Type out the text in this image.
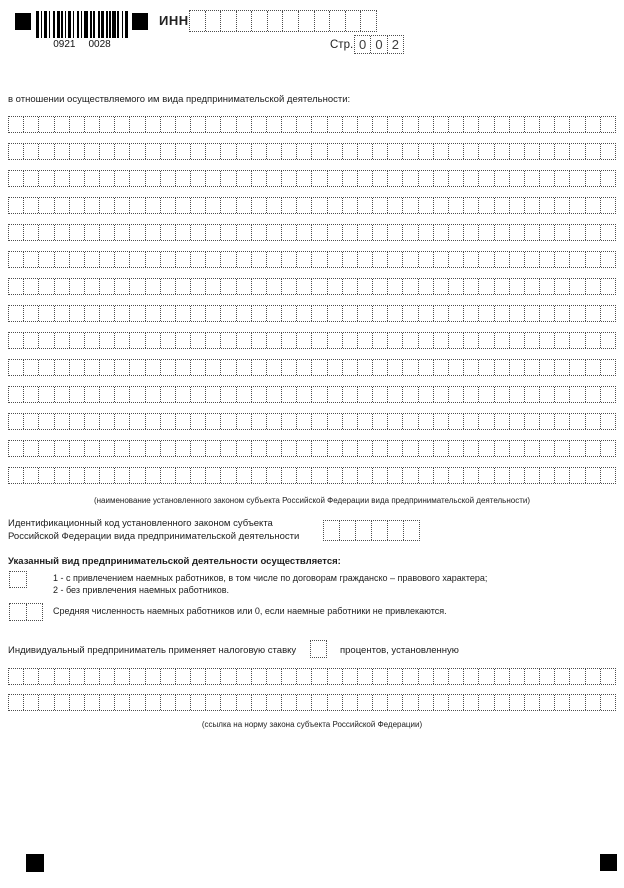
0921 0028
ИНН
Стр. 0 0 2
в отношении осуществляемого им вида предпринимательской деятельности:
(наименование установленного законом субъекта Российской Федерации вида предпринимательской деятельности)
Идентификационный код установленного законом субъекта
Российской Федерации вида предпринимательской деятельности
Указанный вид предпринимательской деятельности осуществляется:
1 - с привлечением наемных работников, в том числе по договорам гражданско – правового характера;
2 - без привлечения наемных работников.
Средняя численность наемных работников или 0, если наемные работники не привлекаются.
Индивидуальный предприниматель применяет налоговую ставку	процентов, установленную
(ссылка на норму закона субъекта Российской Федерации)
